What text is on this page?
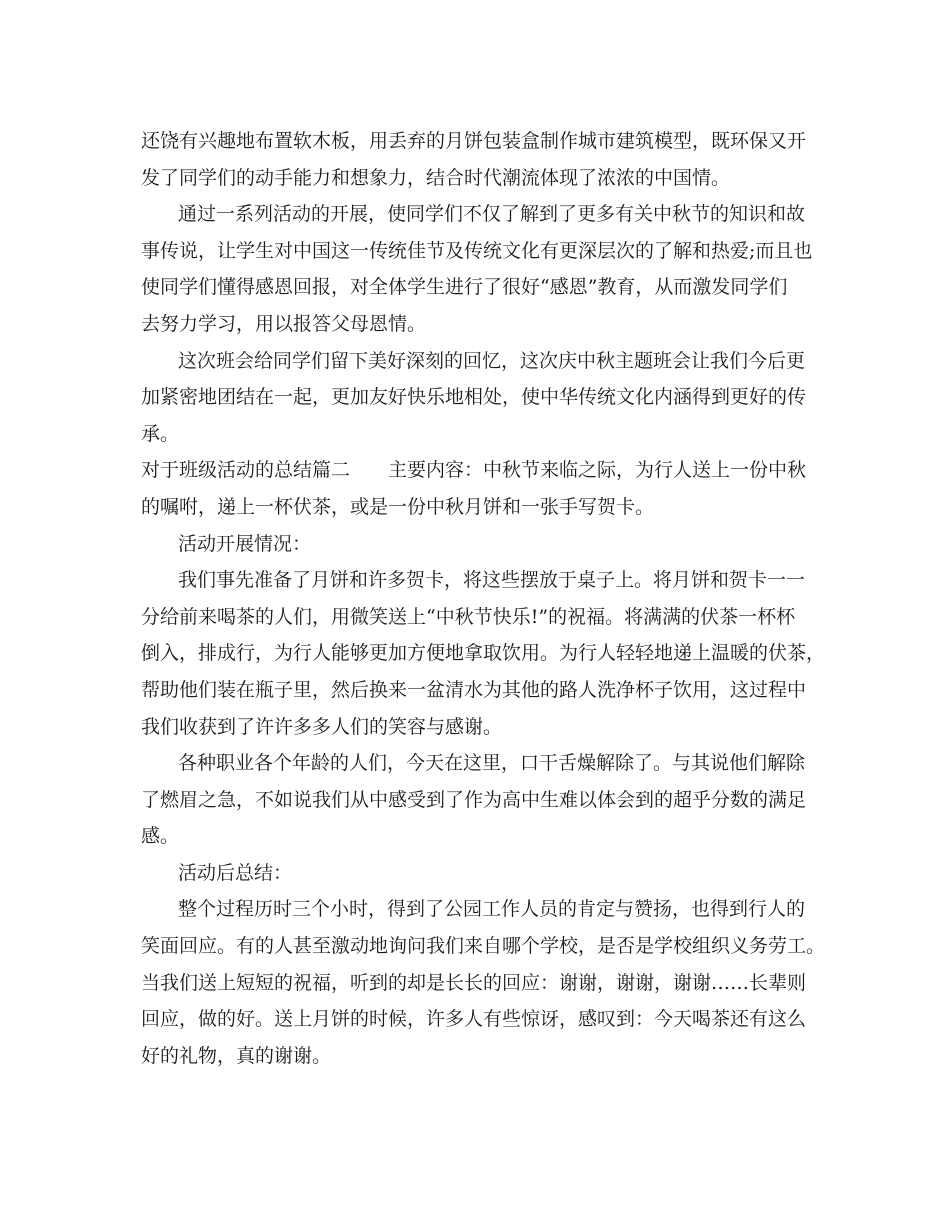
还饶有兴趣地布置软木板，用丢弃的月饼包装盒制作城市建筑模型，既环保又开
发了同学们的动手能力和想象力，结合时代潮流体现了浓浓的中国情。
通过一系列活动的开展，使同学们不仅了解到了更多有关中秋节的知识和故
事传说，让学生对中国这一传统佳节及传统文化有更深层次的了解和热爱;而且也
使同学们懂得感恩回报，对全体学生进行了很好“感恩”教育，从而激发同学们
去努力学习，用以报答父母恩情。
这次班会给同学们留下美好深刻的回忆，这次庆中秋主题班会让我们今后更
加紧密地团结在一起，更加友好快乐地相处，使中华传统文化内涵得到更好的传
承。
对于班级活动的总结篇二 主要内容：中秋节来临之际，为行人送上一份中秋
的嘱咐，递上一杯伏茶，或是一份中秋月饼和一张手写贺卡。
活动开展情况：
我们事先准备了月饼和许多贺卡，将这些摆放于桌子上。将月饼和贺卡一一
分给前来喝茶的人们，用微笑送上“中秋节快乐!”的祝福。将满满的伏茶一杯杯
倒入，排成行，为行人能够更加方便地拿取饮用。为行人轻轻地递上温暖的伏茶，
帮助他们装在瓶子里，然后换来一盆清水为其他的路人洗净杯子饮用，这过程中
我们收获到了许许多多人们的笑容与感谢。
各种职业各个年龄的人们，今天在这里，口干舌燥解除了。与其说他们解除
了燃眉之急，不如说我们从中感受到了作为高中生难以体会到的超乎分数的满足
感。
活动后总结：
整个过程历时三个小时，得到了公园工作人员的肯定与赞扬，也得到行人的
笑面回应。有的人甚至激动地询问我们来自哪个学校，是否是学校组织义务劳工。
当我们送上短短的祝福，听到的却是长长的回应：谢谢，谢谢，谢谢……长辈则
回应，做的好。送上月饼的时候，许多人有些惊讶，感叹到：今天喝茶还有这么
好的礼物，真的谢谢。
